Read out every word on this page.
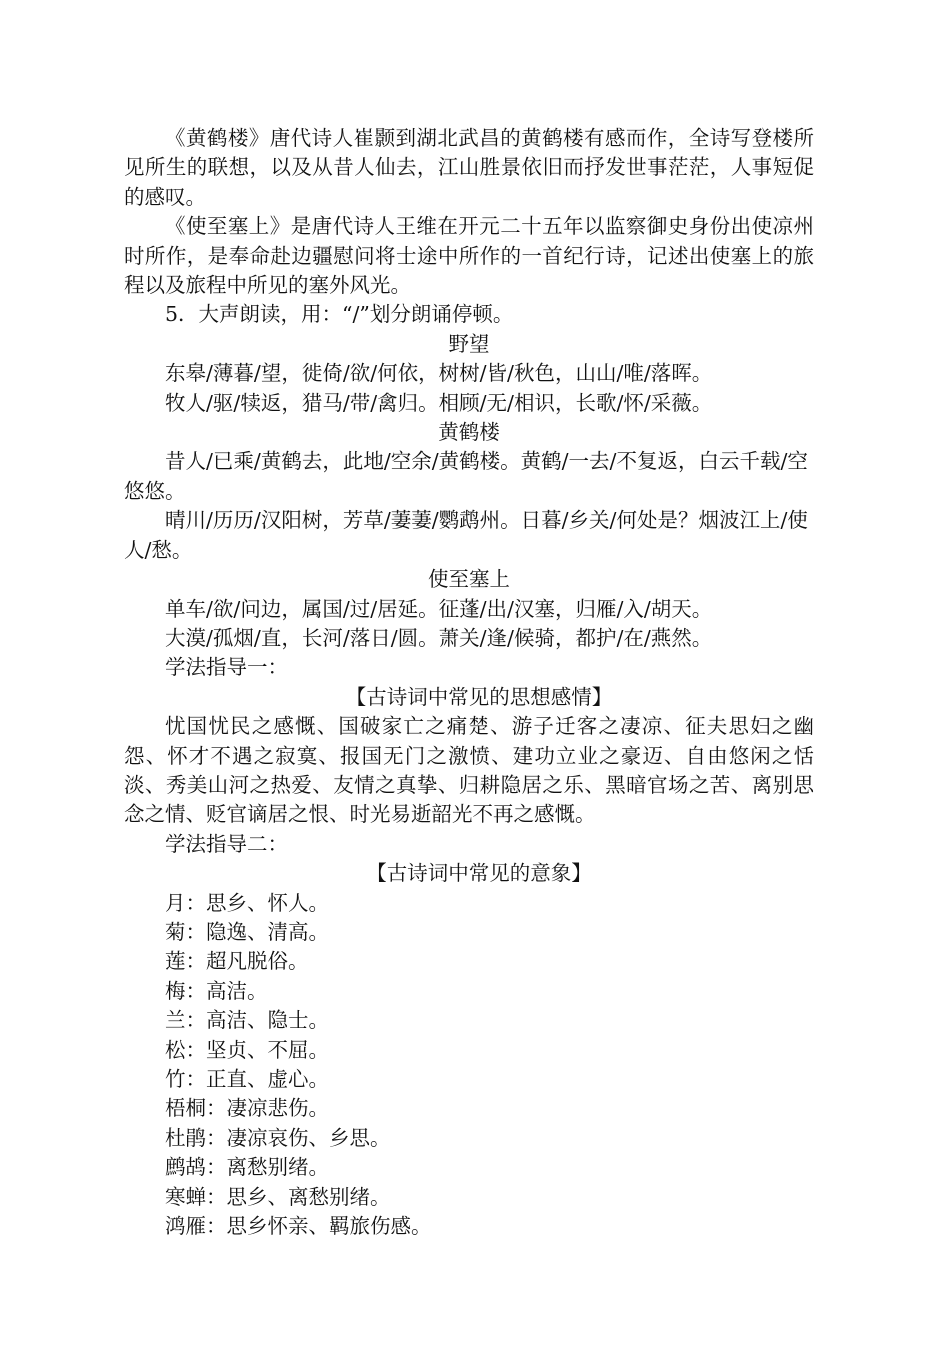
《黄鹤楼》唐代诗人崔颢到湖北武昌的黄鹤楼有感而作，全诗写登楼所见所生的联想，以及从昔人仙去，江山胜景依旧而抒发世事茫茫，人事短促的感叹。

《使至塞上》是唐代诗人王维在开元二十五年以监察御史身份出使凉州时所作，是奉命赴边疆慰问将士途中所作的一首纪行诗，记述出使塞上的旅程以及旅程中所见的塞外风光。

5．大声朗读，用：“/”划分朗诵停顿。

野望

东皋/薄暮/望，徙倚/欲/何依，树树/皆/秋色，山山/唯/落晖。

牧人/驱/犊返，猎马/带/禽归。相顾/无/相识，长歌/怀/采薇。

黄鹤楼

昔人/已乘/黄鹤去，此地/空余/黄鹤楼。黄鹤/一去/不复返，白云千载/空悠悠。

晴川/历历/汉阳树，芳草/萋萋/鹦鹉州。日暮/乡关/何处是？烟波江上/使人/愁。

使至塞上

单车/欲/问边，属国/过/居延。征蓬/出/汉塞，归雁/入/胡天。

大漠/孤烟/直，长河/落日/圆。萧关/逢/候骑，都护/在/燕然。

学法指导一：

【古诗词中常见的思想感情】

忧国忧民之感慨、国破家亡之痛楚、游子迁客之凄凉、征夫思妇之幽怨、怀才不遇之寂寞、报国无门之激愤、建功立业之豪迈、自由悠闲之恬淡、秀美山河之热爱、友情之真挚、归耕隐居之乐、黑暗官场之苦、离别思念之情、贬官谪居之恨、时光易逝韶光不再之感慨。

学法指导二：

【古诗词中常见的意象】

月：思乡、怀人。

菊：隐逸、清高。

莲：超凡脱俗。

梅：高洁。

兰：高洁、隐士。

松：坚贞、不屈。

竹：正直、虚心。

梧桐：凄凉悲伤。

杜鹃：凄凉哀伤、乡思。

鹧鸪：离愁别绪。

寒蝉：思乡、离愁别绪。

鸿雁：思乡怀亲、羁旅伤感。
